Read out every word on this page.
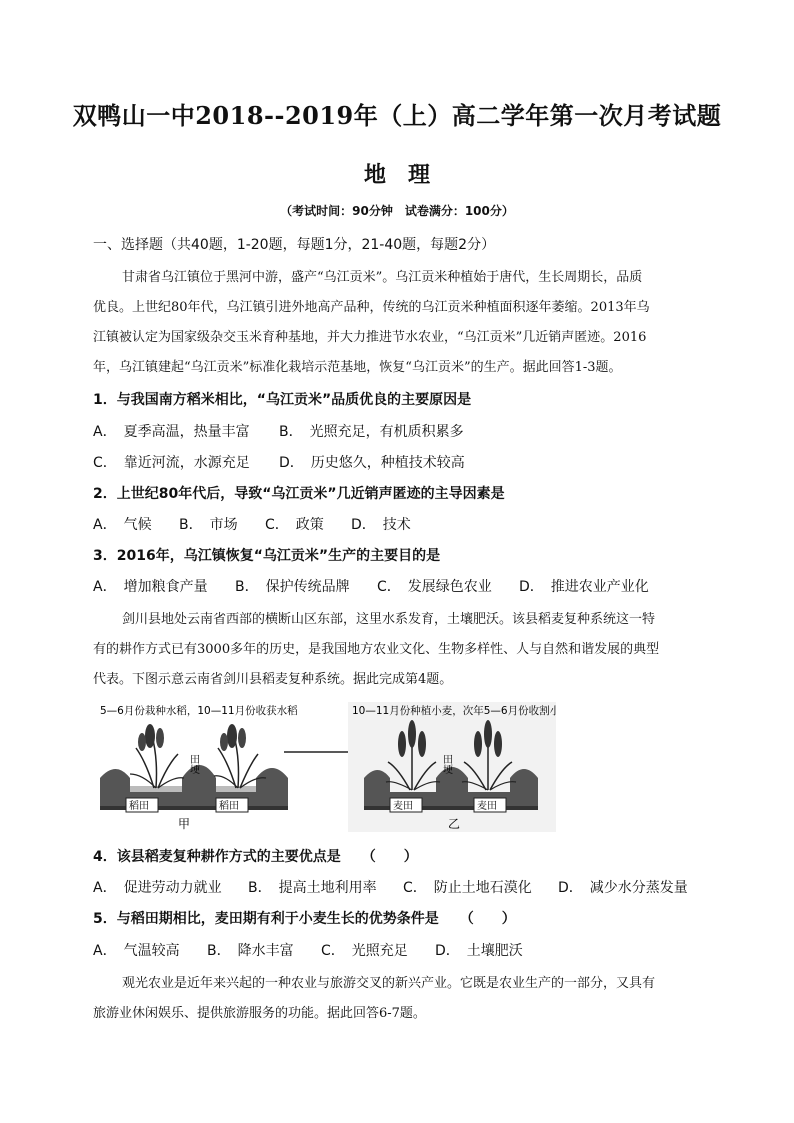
双鸭山一中2018--2019年（上）高二学年第一次月考试题
地　理
（考试时间：90分钟　试卷满分：100分）
一、选择题（共40题，1-20题，每题1分，21-40题，每题2分）
甘肃省乌江镇位于黑河中游，盛产“乌江贡米”。乌江贡米种植始于唐代，生长周期长，品质
优良。上世纪80年代，乌江镇引进外地高产品种，传统的乌江贡米种植面积逐年萎缩。2013年乌
江镇被认定为国家级杂交玉米育种基地，并大力推进节水农业，“乌江贡米”几近销声匿迹。2016
年，乌江镇建起“乌江贡米”标准化栽培示范基地，恢复“乌江贡米”的生产。据此回答1-3题。
1．与我国南方稻米相比，“乌江贡米”品质优良的主要原因是
A．　夏季高温，热量丰富 B．　光照充足，有机质积累多
C．　靠近河流，水源充足 D．　历史悠久，种植技术较高
2．上世纪80年代后，导致“乌江贡米”几近销声匿迹的主导因素是
A．　气候 B．　市场 C．　政策 D．　技术
3．2016年，乌江镇恢复“乌江贡米”生产的主要目的是
A．　增加粮食产量 B．　保护传统品牌 C．　发展绿色农业 D．　推进农业产业化
剑川县地处云南省西部的横断山区东部，这里水系发育，土壤肥沃。该县稻麦复种系统这一特
有的耕作方式已有3000多年的历史，是我国地方农业文化、生物多样性、人与自然和谐发展的典型
代表。下图示意云南省剑川县稻麦复种系统。据此完成第4题。
5—6月份栽种水稻，10—11月份收获水稻
田埂
稻田	稻田
甲
10—11月份种植小麦，次年5—6月份收割小麦
田埂
麦田	麦田
乙
4．该县稻麦复种耕作方式的主要优点是　　（　　）
A．　促进劳动力就业 B．　提高土地利用率 C．　防止土地石漠化 D．　减少水分蒸发量
5．与稻田期相比，麦田期有利于小麦生长的优势条件是　　（　　）
A．　气温较高 B．　降水丰富 C．　光照充足 D．　土壤肥沃
观光农业是近年来兴起的一种农业与旅游交叉的新兴产业。它既是农业生产的一部分，又具有
旅游业休闲娱乐、提供旅游服务的功能。据此回答6-7题。
